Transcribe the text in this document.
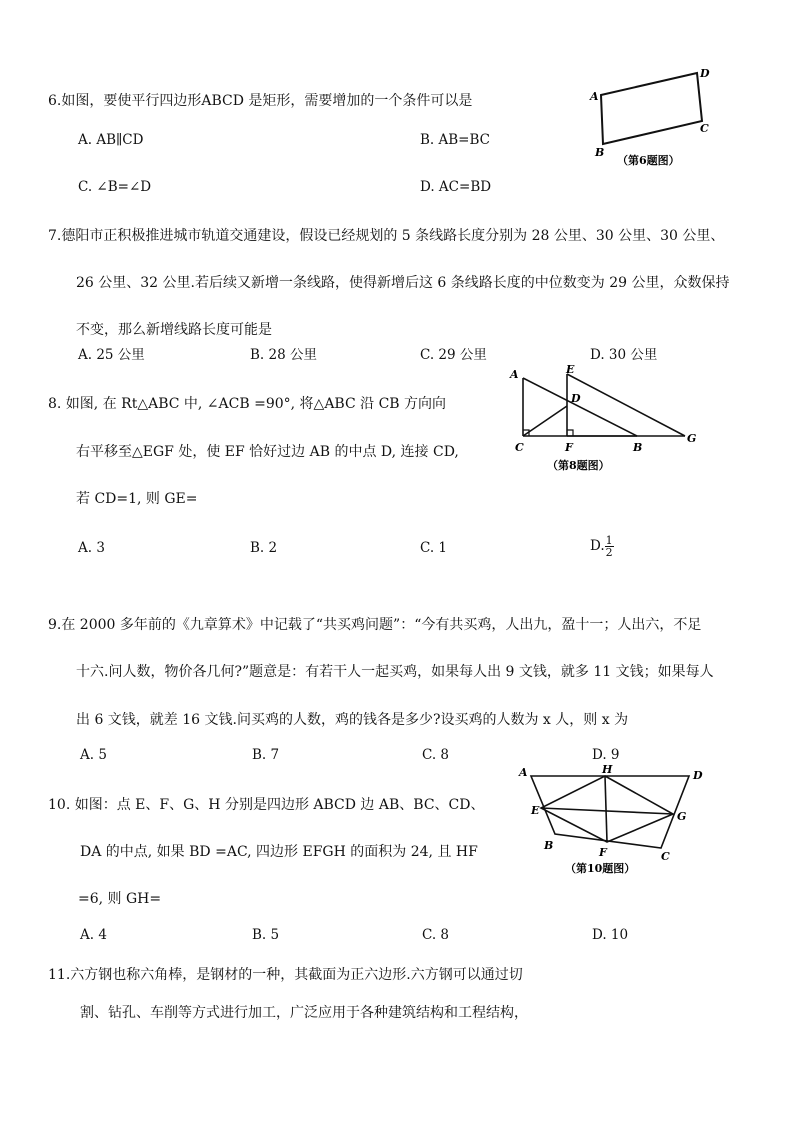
6.如图，要使平行四边形ABCD 是矩形，需要增加的一个条件可以是
A. AB∥CD	B. AB=BC
C. ∠B=∠D	D. AC=BD
A
B
C
D
（第6题图）
7.德阳市正积极推进城市轨道交通建设，假设已经规划的 5 条线路长度分别为 28 公里、30 公里、30 公里、
26 公里、32 公里.若后续又新增一条线路，使得新增后这 6 条线路长度的中位数变为 29 公里，众数保持
不变，那么新增线路长度可能是
A. 25 公里	B. 28 公里	C. 29 公里	D. 30 公里
8. 如图, 在 Rt△ABC 中, ∠ACB =90°, 将△ABC 沿 CB 方向向
右平移至△EGF 处，使 EF 恰好过边 AB 的中点 D, 连接 CD,
若 CD=1, 则 GE=
A. 3	B. 2	C. 1	D. $\frac{1}{2}$
A	E
D
C	F	B
G
（第8题图）
9.在 2000 多年前的《九章算术》中记载了“共买鸡问题”：“今有共买鸡，人出九，盈十一；人出六，不足
十六.问人数，物价各几何?”题意是：有若干人一起买鸡，如果每人出 9 文钱，就多 11 文钱；如果每人
出 6 文钱，就差 16 文钱.问买鸡的人数，鸡的钱各是多少?设买鸡的人数为 x 人，则 x 为
A. 5	B. 7	C. 8	D. 9
10. 如图：点 E、F、G、H 分别是四边形 ABCD 边 AB、BC、CD、
DA 的中点, 如果 BD =AC, 四边形 EFGH 的面积为 24, 且 HF
=6, 则 GH=
A. 4	B. 5	C. 8	D. 10
A	H	D
E	G
B
F	C
（第10题图）
11.六方钢也称六角棒，是钢材的一种，其截面为正六边形.六方钢可以通过切
割、钻孔、车削等方式进行加工，广泛应用于各种建筑结构和工程结构，
